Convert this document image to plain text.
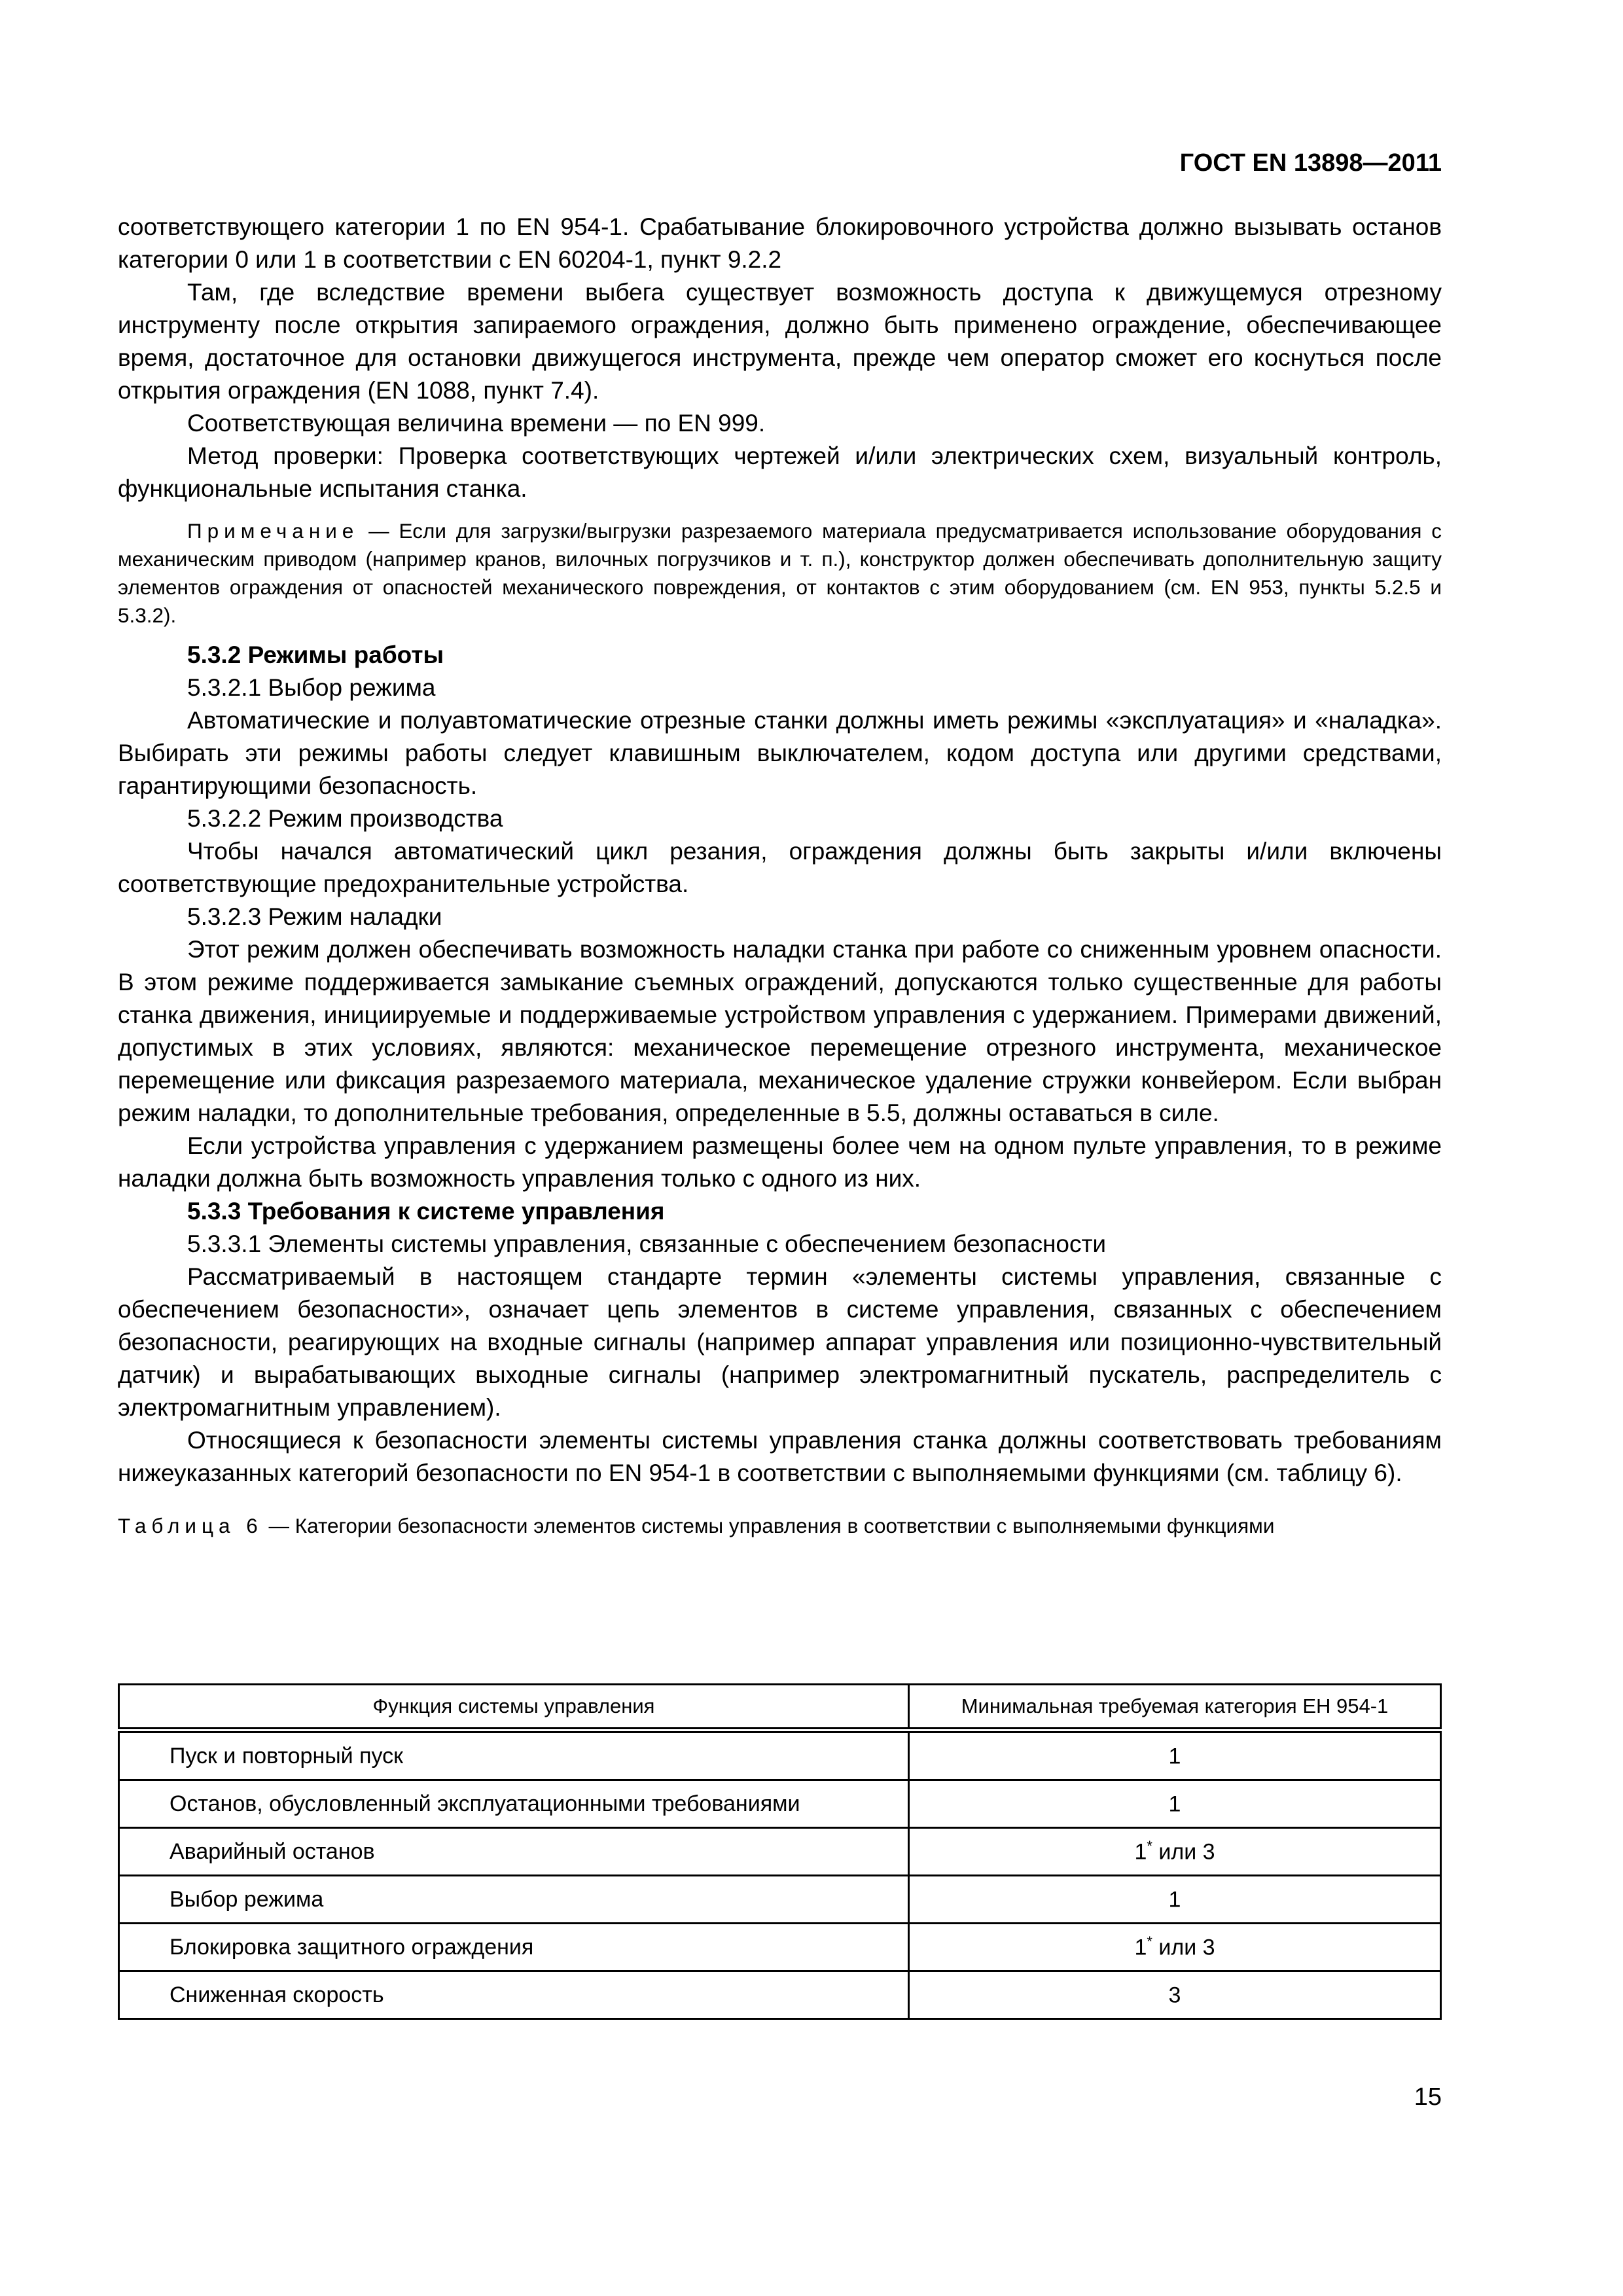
ГОСТ EN 13898—2011

соответствующего категории 1 по EN 954-1. Срабатывание блокировочного устройства должно вызывать останов категории 0 или 1 в соответствии с EN 60204-1, пункт 9.2.2

Там, где вследствие времени выбега существует возможность доступа к движущемуся отрезному инструменту после открытия запираемого ограждения, должно быть применено ограждение, обеспечивающее время, достаточное для остановки движущегося инструмента, прежде чем оператор сможет его коснуться после открытия ограждения (EN 1088, пункт 7.4).

Соответствующая величина времени — по EN 999.

Метод проверки: Проверка соответствующих чертежей и/или электрических схем, визуальный контроль, функциональные испытания станка.

Примечание — Если для загрузки/выгрузки разрезаемого материала предусматривается использование оборудования с механическим приводом (например кранов, вилочных погрузчиков и т. п.), конструктор должен обеспечивать дополнительную защиту элементов ограждения от опасностей механического повреждения, от контактов с этим оборудованием (см. EN 953, пункты 5.2.5 и 5.3.2).

5.3.2 Режимы работы

5.3.2.1 Выбор режима

Автоматические и полуавтоматические отрезные станки должны иметь режимы «эксплуатация» и «наладка». Выбирать эти режимы работы следует клавишным выключателем, кодом доступа или другими средствами, гарантирующими безопасность.

5.3.2.2 Режим производства

Чтобы начался автоматический цикл резания, ограждения должны быть закрыты и/или включены соответствующие предохранительные устройства.

5.3.2.3 Режим наладки

Этот режим должен обеспечивать возможность наладки станка при работе со сниженным уровнем опасности. В этом режиме поддерживается замыкание съемных ограждений, допускаются только существенные для работы станка движения, инициируемые и поддерживаемые устройством управления с удержанием. Примерами движений, допустимых в этих условиях, являются: механическое перемещение отрезного инструмента, механическое перемещение или фиксация разрезаемого материала, механическое удаление стружки конвейером. Если выбран режим наладки, то дополнительные требования, определенные в 5.5, должны оставаться в силе.

Если устройства управления с удержанием размещены более чем на одном пульте управления, то в режиме наладки должна быть возможность управления только с одного из них.

5.3.3 Требования к системе управления

5.3.3.1 Элементы системы управления, связанные с обеспечением безопасности

Рассматриваемый в настоящем стандарте термин «элементы системы управления, связанные с обеспечением безопасности», означает цепь элементов в системе управления, связанных с обеспечением безопасности, реагирующих на входные сигналы (например аппарат управления или позиционно-чувствительный датчик) и вырабатывающих выходные сигналы (например электромагнитный пускатель, распределитель с электромагнитным управлением).

Относящиеся к безопасности элементы системы управления станка должны соответствовать требованиям нижеуказанных категорий безопасности по EN 954-1 в соответствии с выполняемыми функциями (см. таблицу 6).

Таблица 6 — Категории безопасности элементов системы управления в соответствии с выполняемыми функциями

Функция системы управления	Минимальная требуемая категория ЕН 954-1
Пуск и повторный пуск	1
Останов, обусловленный эксплуатационными требованиями	1
Аварийный останов	1* или 3
Выбор режима	1
Блокировка защитного ограждения	1* или 3
Сниженная скорость	3
15
